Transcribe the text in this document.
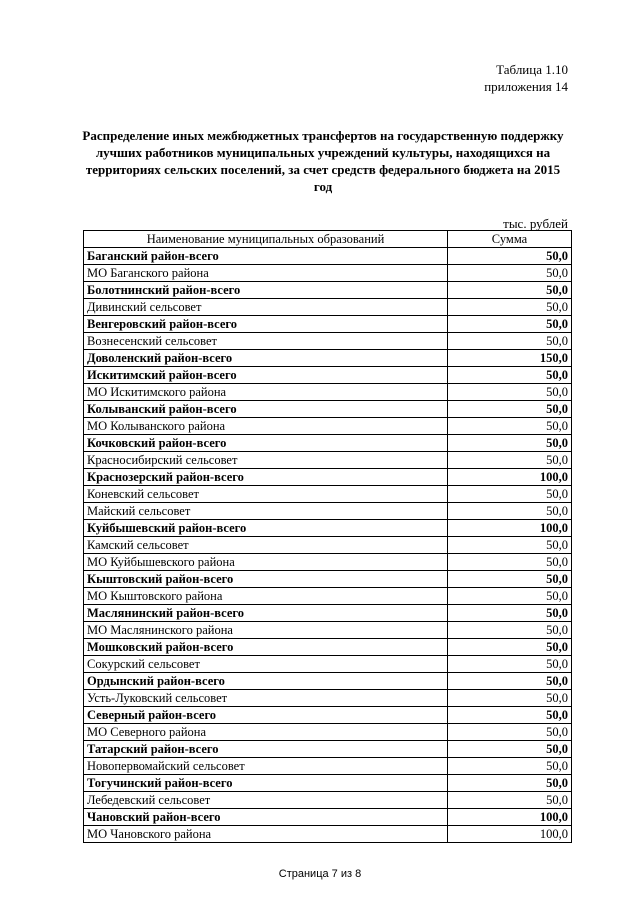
Таблица 1.10
приложения 14
Распределение иных межбюджетных трансфертов на государственную поддержку лучших работников муниципальных учреждений культуры, находящихся на территориях сельских поселений, за счет средств федерального бюджета на 2015 год
тыс. рублей
Наименование муниципальных образований	Сумма
Баганский район-всего	50,0
МО Баганского района	50,0
Болотнинский район-всего	50,0
Дивинский сельсовет	50,0
Венгеровский район-всего	50,0
Вознесенский сельсовет	50,0
Доволенский район-всего	150,0
Искитимский район-всего	50,0
МО Искитимского района	50,0
Колыванский район-всего	50,0
МО Колыванского района	50,0
Кочковский район-всего	50,0
Красносибирский сельсовет	50,0
Краснозерский район-всего	100,0
Коневский сельсовет	50,0
Майский сельсовет	50,0
Куйбышевский район-всего	100,0
Камский сельсовет	50,0
МО Куйбышевского района	50,0
Кыштовский район-всего	50,0
МО Кыштовского района	50,0
Маслянинский район-всего	50,0
МО Маслянинского района	50,0
Мошковский район-всего	50,0
Сокурский сельсовет	50,0
Ордынский район-всего	50,0
Усть-Луковский сельсовет	50,0
Северный район-всего	50,0
МО Северного района	50,0
Татарский район-всего	50,0
Новопервомайский сельсовет	50,0
Тогучинский район-всего	50,0
Лебедевский сельсовет	50,0
Чановский район-всего	100,0
МО Чановского района	100,0
Страница 7 из 8
